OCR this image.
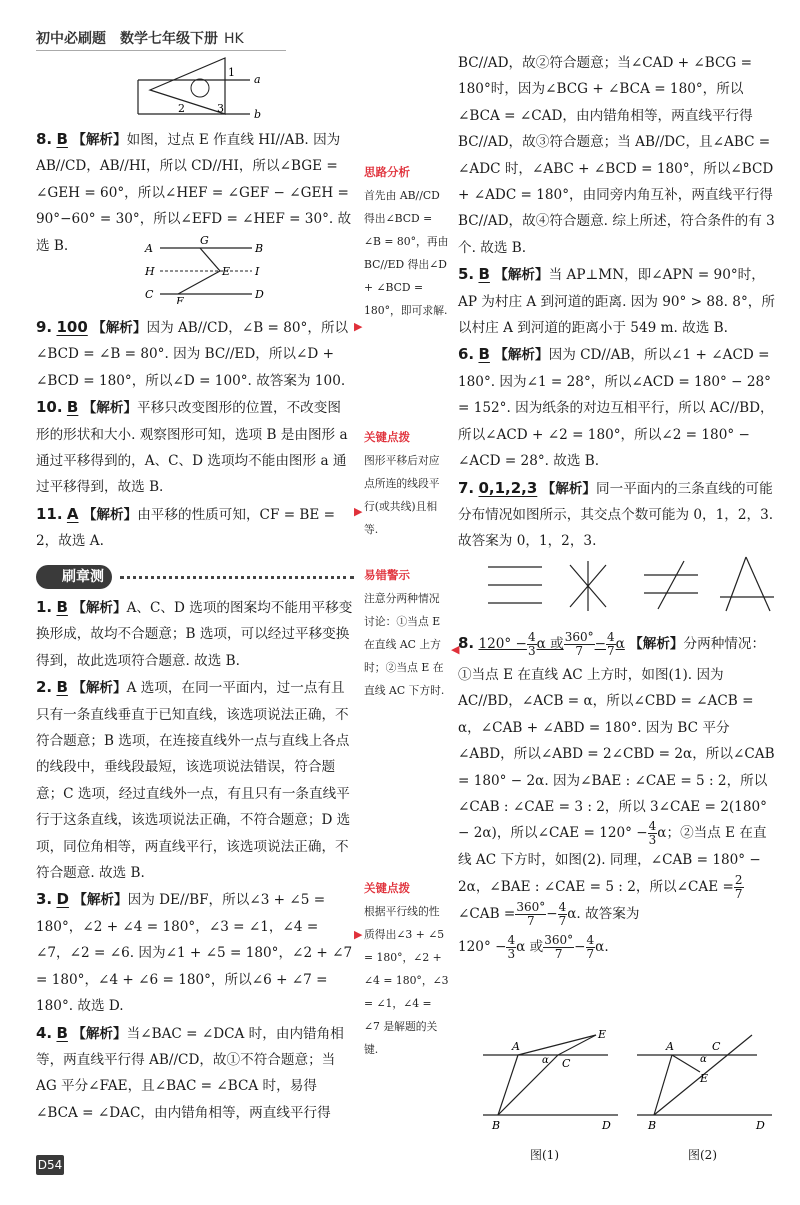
初中必刷题　数学七年级下册 HK
1
a
2	3	b

8. B 【解析】如图，过点 E 作直线 HI//AB. 因为 AB//CD，AB//HI，所以 CD//HI，所以∠BGE = ∠GEH = 60°，所以∠HEF = ∠GEF − ∠GEH = 90°−60° = 30°，所以∠EFD = ∠HEF = 30°. 故选 B.	A
G
B
H	E I
C
F
D

9. 100 【解析】因为 AB//CD，∠B = 80°，所以∠BCD = ∠B = 80°. 因为 BC//ED，所以∠D + ∠BCD = 180°，所以∠D = 100°. 故答案为 100.

10. B 【解析】平移只改变图形的位置，不改变图形的形状和大小. 观察图形可知，选项 B 是由图形 a 通过平移得到的，A、C、D 选项均不能由图形 a 通过平移得到，故选 B.

11. A 【解析】由平移的性质可知，CF = BE = 2，故选 A.

刷章测

1. B 【解析】A、C、D 选项的图案均不能用平移变换形成，故均不合题意；B 选项，可以经过平移变换得到，故此选项符合题意. 故选 B.

2. B 【解析】A 选项，在同一平面内，过一点有且只有一条直线垂直于已知直线，该选项说法正确，不符合题意；B 选项，在连接直线外一点与直线上各点的线段中，垂线段最短，该选项说法错误，符合题意；C 选项，经过直线外一点，有且只有一条直线平行于这条直线，该选项说法正确，不符合题意；D 选项，同位角相等，两直线平行，该选项说法正确，不符合题意. 故选 B.

3. D 【解析】因为 DE//BF，所以∠3 + ∠5 = 180°，∠2 + ∠4 = 180°，∠3 = ∠1，∠4 = ∠7，∠2 = ∠6. 因为∠1 + ∠5 = 180°，∠2 + ∠7 = 180°，∠4 + ∠6 = 180°，所以∠6 + ∠7 = 180°. 故选 D.

4. B 【解析】当∠BAC = ∠DCA 时，由内错角相等，两直线平行得 AB//CD，故①不符合题意；当 AG 平分∠FAE，且∠BAC = ∠BCA 时，易得∠BCA = ∠DAC，由内错角相等，两直线平行得

思路分析
首先由 AB//CD 得出∠BCD = ∠B = 80°，再由 BC//ED 得出∠D + ∠BCD = 180°，即可求解.
关键点拨
图形平移后对应点所连的线段平行(或共线)且相等.
易错警示
注意分两种情况讨论：①当点 E 在直线 AC 上方时；②当点 E 在直线 AC 下方时.
关键点拨
根据平行线的性质得出∠3 + ∠5 = 180°，∠2 + ∠4 = 180°，∠3 = ∠1，∠4 = ∠7 是解题的关键.
▶
▶
◀
▶

BC//AD，故②符合题意；当∠CAD + ∠BCG = 180°时，因为∠BCG + ∠BCA = 180°，所以∠BCA = ∠CAD，由内错角相等，两直线平行得 BC//AD，故③符合题意；当 AB//DC，且∠ABC = ∠ADC 时，∠ABC + ∠BCD = 180°，所以∠BCD + ∠ADC = 180°，由同旁内角互补，两直线平行得 BC//AD，故④符合题意. 综上所述，符合条件的有 3 个. 故选 B.

5. B 【解析】当 AP⊥MN，即∠APN = 90°时，AP 为村庄 A 到河道的距离. 因为 90° > 88. 8°，所以村庄 A 到河道的距离小于 549 m. 故选 B.

6. B 【解析】因为 CD//AB，所以∠1 + ∠ACD = 180°. 因为∠1 = 28°，所以∠ACD = 180° − 28° = 152°. 因为纸条的对边互相平行，所以 AC//BD，所以∠ACD + ∠2 = 180°，所以∠2 = 180° − ∠ACD = 28°. 故选 B.

7. 0,1,2,3 【解析】同一平面内的三条直线的可能分布情况如图所示，其交点个数可能为 0，1，2，3. 故答案为 0，1，2，3.

8. $120^\circ - \frac{4}{3}$ α 或 $\frac{360^\circ}{7} - \frac{4}{7}$ α 【解析】分两种情况：

①当点 E 在直线 AC 上方时，如图(1). 因为 AC//BD，∠ACB = α，所以∠CBD = ∠ACB = α，∠CAB + ∠ABD = 180°. 因为 BC 平分∠ABD，所以∠ABD = 2∠CBD = 2α，所以∠CAB = 180° − 2α. 因为∠BAE : ∠CAE = 5 : 2，所以∠CAB : ∠CAE = 3 : 2，所以 3∠CAE = 2(180° − 2α)，所以∠CAE = $120^\circ - \frac{4}{3}$ α；②当点 E 在直线 AC 下方时，如图(2). 同理，∠CAB = 180° − 2α，∠BAE : ∠CAE = 5 : 2，所以∠CAE = $\frac{2}{7}$
∠CAB = $\frac{360^\circ}{7} - \frac{4}{7} \alpha$. 故答案为

$120^\circ - \frac{4}{3}$ α 或 $\frac{360^\circ}{7} - \frac{4}{7} \alpha$.

A
E
α C
B	D
图(1)
A
E
α
C
B	D
图(2)
D54
